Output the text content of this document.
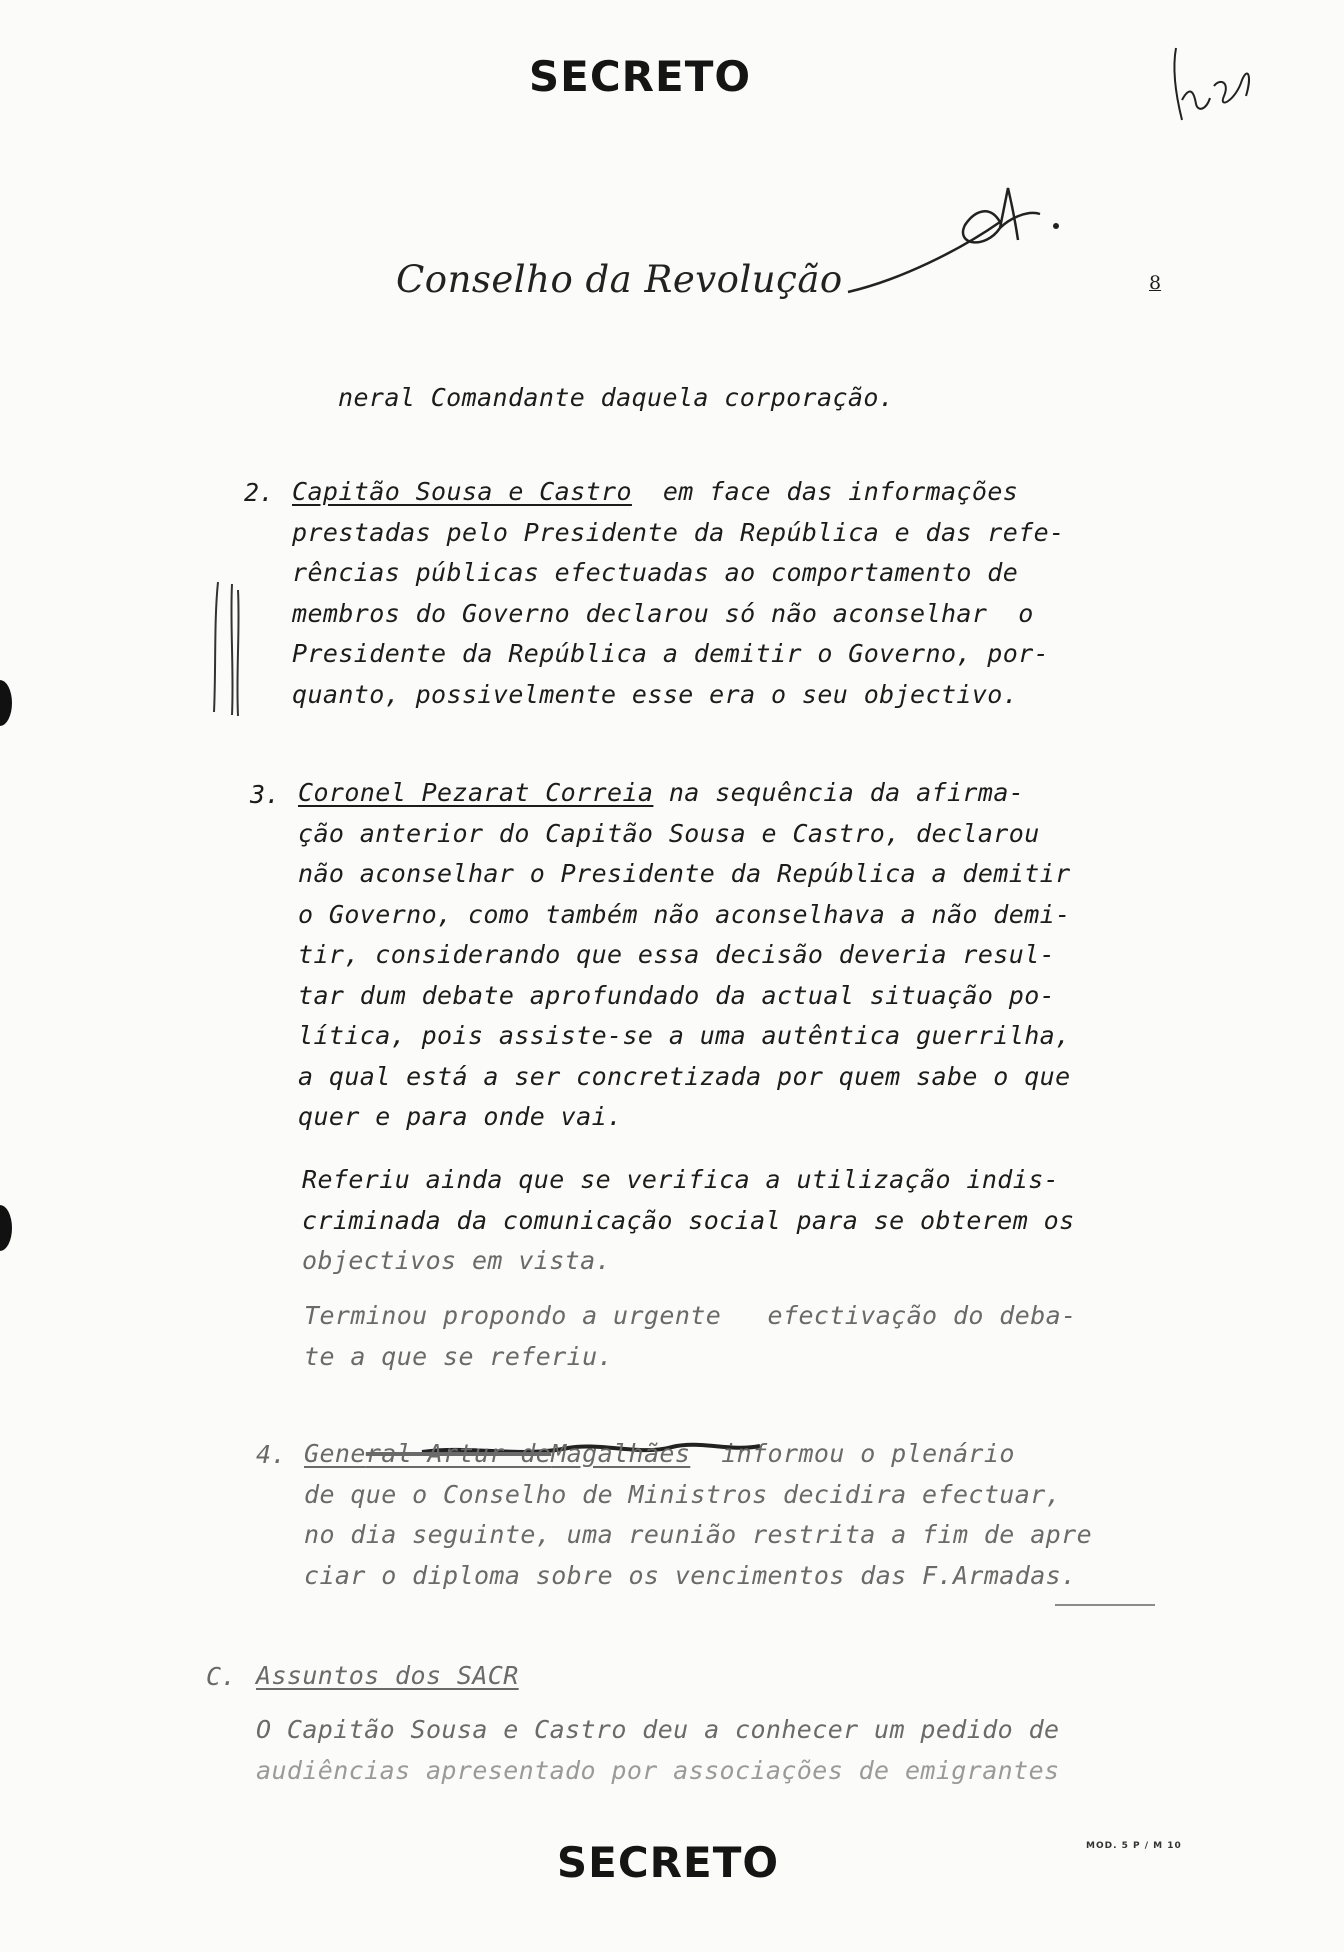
SECRETO
Conselho da Revolução	8
neral Comandante daquela corporação.
2. Capitão Sousa e Castro em face das informações
prestadas pelo Presidente da República e das refe-
rências públicas efectuadas ao comportamento de
membros do Governo declarou só não aconselhar  o
Presidente da República a demitir o Governo, por-
quanto, possivelmente esse era o seu objectivo.
3. Coronel Pezarat Correia na sequência da afirma-
ção anterior do Capitão Sousa e Castro, declarou
não aconselhar o Presidente da República a demitir
o Governo, como também não aconselhava a não demi-
tir, considerando que essa decisão deveria resul-
tar dum debate aprofundado da actual situação po-
lítica, pois assiste-se a uma autêntica guerrilha,
a qual está a ser concretizada por quem sabe o que
quer e para onde vai.
Referiu ainda que se verifica a utilização indis-
criminada da comunicação social para se obterem os
objectivos em vista.
Terminou propondo a urgente   efectivação do deba-
te a que se referiu.
4. General Artur deMagalhães informou o plenário
de que o Conselho de Ministros decidira efectuar,
no dia seguinte, uma reunião restrita a fim de apre
ciar o diploma sobre os vencimentos das F.Armadas.
C. Assuntos dos SACR
O Capitão Sousa e Castro deu a conhecer um pedido de
audiências apresentado por associações de emigrantes
SECRETO	MOD. 5 P / M 10
